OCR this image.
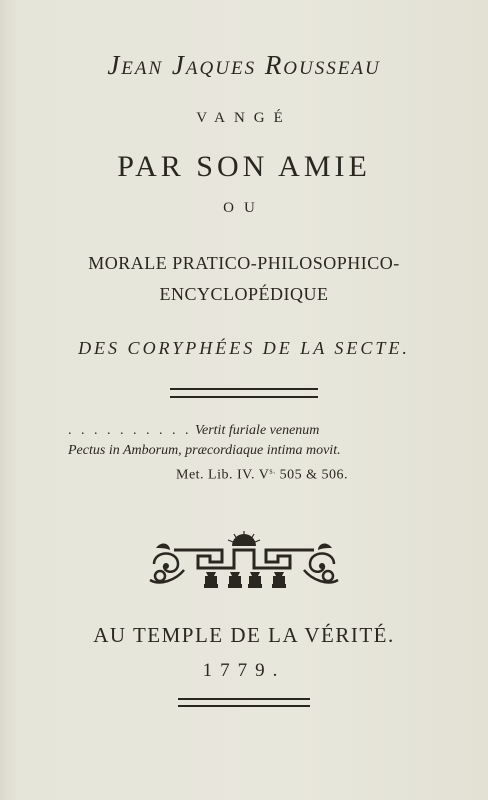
Jean Jaques Rousseau
VANGÉ
PAR SON AMIE
OU
MORALE PRATICO-PHILOSOPHICO-
ENCYCLOPÉDIQUE
DES CORYPHÉES DE LA SECTE.
. . . . . . . . . . Vertit furiale venenum
Pectus in Amborum, præcordiaque intima movit.
Met. Lib. IV. $V^{s.}$ 505 & 506.
AU TEMPLE DE LA VÉRITÉ.
1779.
